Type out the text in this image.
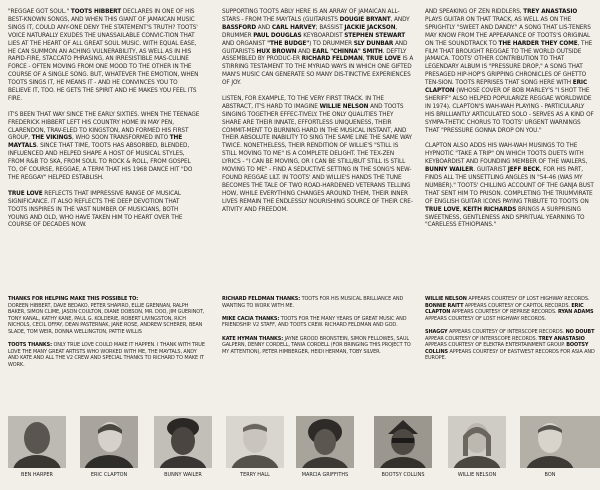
"REGGAE GOT SOUL." TOOTS HIBBERT DECLARES IN ONE OF HIS BEST-KNOWN SONGS, AND WHEN THIS GIANT OF JAMAICAN MUSIC SINGS IT, COULD ANY-ONE DENY THE STATEMENT'S TRUTH? TOOTS' VOICE NATURALLY EXUDES THE UNASSAILABLE CONVIC-TION THAT LIES AT THE HEART OF ALL GREAT SOUL MUSIC. WITH EQUAL EASE, HE CAN SUMMON AN ACHING VULNERABILITY, AS WELL AS IN HIS RAPID-FIRE, STACCATO PHRASING, AN IRRESISTIBLE MAS-CULINE FORCE - OFTEN MOVING FROM ONE MOOD TO THE OTHER IN THE COURSE OF A SINGLE SONG. BUT, WHATEVER THE EMOTION, WHEN TOOTS SINGS IT, HE MEANS IT - AND HE CONVINCES YOU TO BELIEVE IT, TOO. HE GETS THE SPIRIT AND HE MAKES YOU FEEL ITS FIRE.

IT'S BEEN THAT WAY SINCE THE EARLY SIXTIES. WHEN THE TEENAGE FREDERICK HIBBERT LEFT HIS COUNTRY HOME IN MAY PEN, CLARENDON, TRAV-ELED TO KINGSTON, AND FORMED HIS FIRST GROUP, THE VIKINGS, WHO SOON TRANSFORMED INTO THE MAYTALS. SINCE THAT TIME, TOOTS HAS ABSORBED, BLENDED, INFLUENCED AND HELPED SHAPE A HOST OF MUSICAL STYLES, FROM R&B TO SKA, FROM SOUL TO ROCK & ROLL, FROM GOSPEL TO, OF COURSE, REGGAE, A TERM THAT HIS 1968 DANCE HIT "DO THE REGGAY" HELPED ESTABLISH.

TRUE LOVE REFLECTS THAT IMPRESSIVE RANGE OF MUSICAL SIGNIFICANCE. IT ALSO REFLECTS THE DEEP DEVOTION THAT TOOTS INSPIRES IN THE VAST NUMBER OF MUSICIANS, BOTH YOUNG AND OLD, WHO HAVE TAKEN HIM TO HEART OVER THE COURSE OF DECADES NOW.

SUPPORTING TOOTS ABLY HERE IS AN ARRAY OF JAMAICAN ALL-STARS - FROM THE MAYTALS (GUITARISTS DOUGIE BRYANT, ANDY BASSFORD AND CARL HARVEY; BASSIST JACKIE JACKSON, DRUMMER PAUL DOUGLAS KEYBOARDIST STEPHEN STEWART AND ORGANIST "THE BUDGE") TO DRUMMER SLY DUNBAR AND GUITARISTS HUX BROWN AND EARL "CHINNA" SMITH. DEFTLY ASSEMBLED BY PRODUC-ER RICHARD FELDMAN, TRUE LOVE IS A STIRRING TESTAMENT TO THE MYRIAD WAYS IN WHICH ONE GIFTED MAN'S MUSIC CAN GENERATE SO MANY DIS-TINCTIVE EXPERIENCES OF JOY.

LISTEN, FOR EXAMPLE, TO THE VERY FIRST TRACK. IN THE ABSTRACT, IT'S HARD TO IMAGINE WILLIE NELSON AND TOOTS SINGING TOGETHER EFFEC-TIVELY. THE ONLY QUALITIES THEY SHARE ARE THEIR INNATE, EFFORTLESS UNIQUENESS, THEIR COMMIT-MENT TO BURNING HARD IN THE MUSICAL INSTANT, AND THEIR ABSOLUTE INABILITY TO SING THE SAME LINE THE SAME WAY TWICE. NONETHELESS, THEIR RENDITION OF WILLIE'S "STILL IS STILL MOVING TO ME" IS A COMPLETE DELIGHT. THE TEX-ZEN LYRICS - "I CAN BE MOVING, OR I CAN BE STILL/BUT STILL IS STILL MOVING TO ME" - FIND A SEDUCTIVE SETTING IN THE SONG'S NEW-FOUND REGGAE LILT. IN TOOTS' AND WILLIE'S HANDS THE TUNE BECOMES THE TALE OF TWO ROAD-HARDENED VETERANS TELLING HOW, WHILE EVERYTHING CHANGES AROUND THEM, THEIR INNER LIVES REMAIN THE ENDLESSLY NOURISHING SOURCE OF THEIR CRE-ATIVITY AND FREEDOM.

AND SPEAKING OF ZEN RIDDLERS, TREY ANASTASIO PLAYS GUITAR ON THAT TRACK, AS WELL AS ON THE SPRIGHTLY "SWEET AND DANDY." A SONG THAT LIS-TENERS MAY KNOW FROM THE APPEARANCE OF TOOTS'S ORIGINAL ON THE SOUNDTRACK TO THE HARDER THEY COME, THE FILM THAT BROUGHT REGGAE TO THE WORLD OUTSIDE JAMAICA. TOOTS' OTHER CONTRIBUTION TO THAT LEGENDARY ALBUM IS "PRESSURE DROP," A SONG THAT PRESAGED HIP-HOP'S GRIPPING CHRONICLES OF GHETTO TEN-SION. TOOTS REPRISES THAT SONG HERE WITH ERIC CLAPTON (WHOSE COVER OF BOB MARLEY'S "I SHOT THE SHERIFF" ALSO HELPED POPULARIZE REGGAE WORLDWIDE IN 1974). CLAPTON'S WAH-WAH PLAYING - PARTICULARLY HIS BRILLIANTLY ARTICULATED SOLO - SERVES AS A KIND OF SYMPA-THETIC CHORUS TO TOOTS' URGENT WARNINGS THAT "PRESSURE GONNA DROP ON YOU."

CLAPTON ALSO ADDS HIS WAH-WAH MUSINGS TO THE HYPNOTIC "TAKE A TRIP" ON WHICH TOOTS DUETS WITH KEYBOARDIST AND FOUNDING MEMBER OF THE WAILERS, BUNNY WAILER. GUITARIST JEFF BECK, FOR HIS PART, FINDS ALL THE UNSETTLING ANGLES IN "54-46 (WAS MY NUMBER)." TOOTS' CHILLING ACCOUNT OF THE GANJA BUST THAT SENT HIM TO PRISON. COMPLETING THE TRIUMVIRATE OF ENGLISH GUITAR ICONS PAYING TRIBUTE TO TOOTS ON TRUE LOVE, KEITH RICHARDS BRINGS A SURPRISING SWEETNESS, GENTLENESS AND SPIRITUAL YEARNING TO "CARELESS ETHIOPIANS."

THANKS FOR HELPING MAKE THIS POSSIBLE TO:
DOREEN HIBBERT, DAVE BEDAKO, PETER SHAPIRO, ELLIE GRENNAN, RALPH BAKER, SIMON CLIME, JASON COULTON, DIANE DOBSON, MR. DOO, JIM GUERINOT, TONY KANAL, KATHY KANE, PAUL G. KOLDERIE, ROBERT LIVINGSTON, RICH NICHOLS, CECIL OFFAY, DEAN PASTERNAK, JANE ROSE, ANDREW SCHERER, BEAN SLADE, TOM WEIR, DONNA WELLINGTON, PATTIE WILLIS

TOOTS THANKS: ONLY TRUE LOVE COULD MAKE IT HAPPEN. I THANK WITH TRUE LOVE THE MANY GREAT ARTISTS WHO WORKED WITH ME, THE MAYTALS, ANDY AND KATE AND ALL THE V2 CREW AND SPECIAL THANKS TO RICHARD TO MAKE IT WORK.

RICHARD FELDMAN THANKS: TOOTS FOR HIS MUSICAL BRILLIANCE AND WANTING TO WORK WITH ME.

MIKE CACIA THANKS: TOOTS FOR THE MANY YEARS OF GREAT MUSIC AND FRIENDSHIP. V2 STAFF, AND TOOTS CREW. RICHARD FELDMAN AND GOD.

KATE HYMAN THANKS: JAYNE GROOD BRONSTEIN, SIMON FELLOWES, SAUL GALPERN, DENNY CORDELL, TANIA CORDELL (FOR BRINGING THIS PROJECT TO MY ATTENTION), PETER HIMBERGER, HEIDI HERMAN, TOBY SILVER.

WILLIE NELSON APPEARS COURTESY OF LOST HIGHWAY RECORDS. BONNIE RAITT APPEARS COURTESY OF CAPITOL RECORDS. ERIC CLAPTON APPEARS COURTESY OF REPRISE RECORDS. RYAN ADAMS APPEARS COURTESY OF LOST HIGHWAY RECORDS.

SHAGGY APPEARS COURTESY OF INTERSCOPE RECORDS. NO DOUBT APPEAR COURTESY OF INTERSCOPE RECORDS. TREY ANASTASIO APPEARS COURTESY OF ELEKTRA ENTERTAINMENT GROUP. BOOTSY COLLINS APPEARS COURTESY OF EASTWEST RECORDS FOR ASIA AND EUROPE.

BEN HARPER	ERIC CLAPTON	BUNNY WAILER	TERRY HALL	MARCIA GRIFFITHS	BOOTSY COLLINS	WILLIE NELSON	BON
